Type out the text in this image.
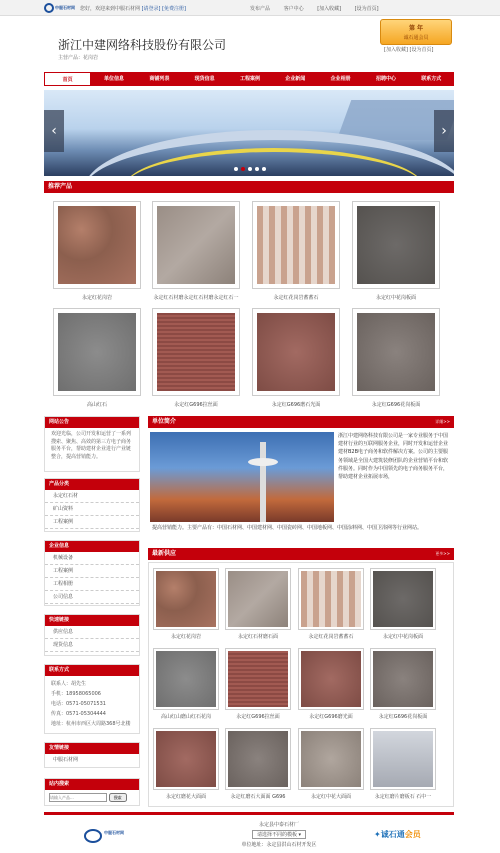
中服石材网 您好，欢迎来到中服石材网 [请登录] [免费注册]	发布产品	客户中心	[加入收藏]	[设为首页]
浙江中建网络科技股份有限公司
主营产品：花岗岩
第 年
诚石通会员
[加入收藏] [设为首页]
首页	单位信息	商铺列表	现货信息	工程案例	企业新闻	企业相册	招聘中心	联系方式
‹	›
推荐产品
永定红花岗岩	永定红石材磨永定红石材磨永定红石一	永定红花岗岩蓄蓄石	永定红中花岗板面
高山红石	永定红G696拉丝面	永定红G696磨石光面	永定红G696花岗板面
网站公告
欢迎光临，公司开发和运营了一系列搜索、聚焦、高效的第三方电子商务服务平台，帮助建材企业进行产业链整合，提高营销能力。
产品分类
永定红石材
矿山资料
工程案例
企业信息
机械设备
工程案例
工程相册
公司信息
快速链接
供应信息
现货信息
联系方式
联系人：胡先生
手机：18958065006
电话：0571-05071531
传真：0571-05304444
地址：杭州市西区大周路368号北楼
友情链接
中服石材网
站内搜索
请输入产品... 搜索
单位简介	详细>>
浙江中建网络科技有限公司是一家专业服务于中国建材行业的互联网服务企业，同时开发和运营企业建材B2B电子商务和软件解决方案。公司的主要服务领域是全国大建筑装修团队的企业营销平台和软件服务。同时作为中国领先的电子商务服务平台，帮助建材企业拓展市场，
提高营销能力。主要产品有：中国石材网、中国建材网、中国瓷砖网、中国地板网、中国涂料网、中国卫浴网等行业网站。
最新供应	更多>>
永定红花岗岩	永定红石材磨石面	永定红花岗岩蓄蓄石	永定红中花岗板面
高山红山磨山红石花岗	永定红G696拉丝面	永定红G696磨光面	永定红G696花岗板面
永定红磨花大面面	永定红磨石大面面 G696	永定红中花大面面	永定红磨片磨板石 石中一
中服石材网
永定县中泰石材厂
请选择不同的模板 ▾
单位地址：永定县洪山石材开发区
✦诚石通会员
